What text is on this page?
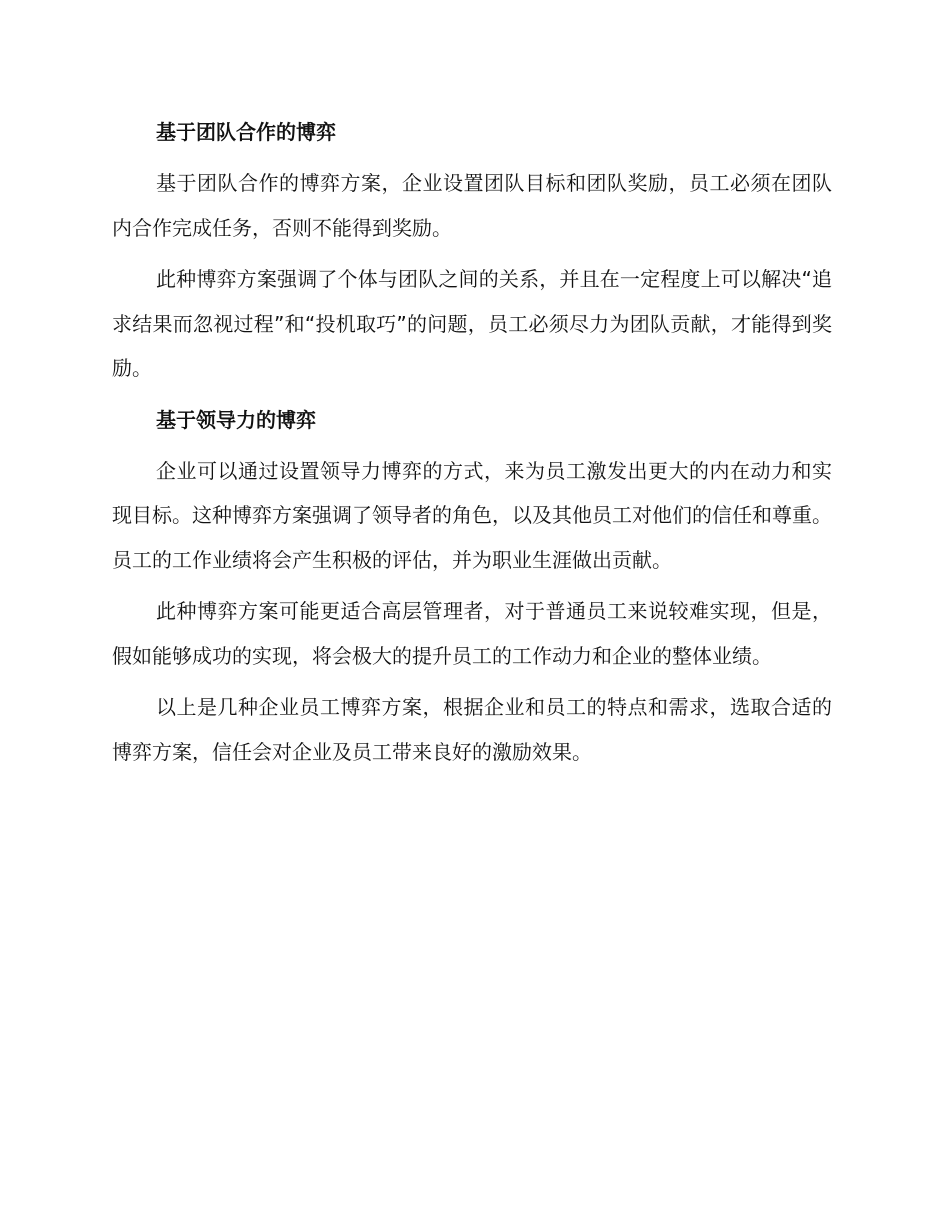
基于团队合作的博弈

基于团队合作的博弈方案，企业设置团队目标和团队奖励，员工必须在团队内合作完成任务，否则不能得到奖励。

此种博弈方案强调了个体与团队之间的关系，并且在一定程度上可以解决“追求结果而忽视过程”和“投机取巧”的问题，员工必须尽力为团队贡献，才能得到奖励。

基于领导力的博弈

企业可以通过设置领导力博弈的方式，来为员工激发出更大的内在动力和实现目标。这种博弈方案强调了领导者的角色，以及其他员工对他们的信任和尊重。员工的工作业绩将会产生积极的评估，并为职业生涯做出贡献。

此种博弈方案可能更适合高层管理者，对于普通员工来说较难实现，但是，假如能够成功的实现，将会极大的提升员工的工作动力和企业的整体业绩。

以上是几种企业员工博弈方案，根据企业和员工的特点和需求，选取合适的博弈方案，信任会对企业及员工带来良好的激励效果。
